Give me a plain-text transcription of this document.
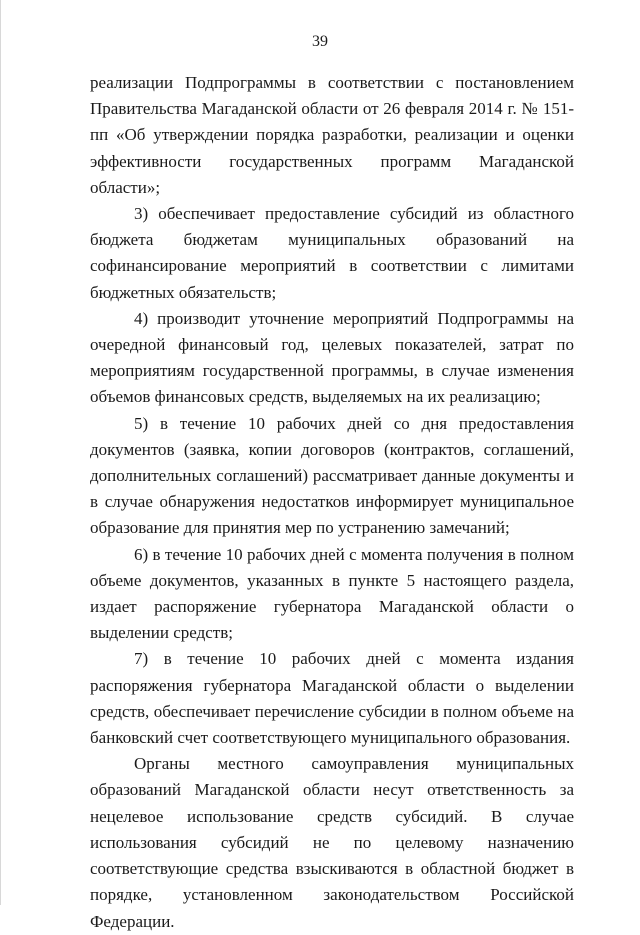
39

реализации Подпрограммы в соответствии с постановлением Правительства Магаданской области от 26 февраля 2014 г. № 151-пп «Об утверждении порядка разработки, реализации и оценки эффективности государственных программ Магаданской области»;

3) обеспечивает предоставление субсидий из областного бюджета бюджетам муниципальных образований на софинансирование мероприятий в соответствии с лимитами бюджетных обязательств;

4) производит уточнение мероприятий Подпрограммы на очередной финансовый год, целевых показателей, затрат по мероприятиям государственной программы, в случае изменения объемов финансовых средств, выделяемых на их реализацию;

5) в течение 10 рабочих дней со дня предоставления документов (заявка, копии договоров (контрактов, соглашений, дополнительных соглашений) рассматривает данные документы и в случае обнаружения недостатков информирует муниципальное образование для принятия мер по устранению замечаний;

6) в течение 10 рабочих дней с момента получения в полном объеме документов, указанных в пункте 5 настоящего раздела, издает распоряжение губернатора Магаданской области о выделении средств;

7) в течение 10 рабочих дней с момента издания распоряжения губернатора Магаданской области о выделении средств, обеспечивает перечисление субсидии в полном объеме на банковский счет соответствующего муниципального образования.

Органы местного самоуправления муниципальных образований Магаданской области несут ответственность за нецелевое использование средств субсидий. В случае использования субсидий не по целевому назначению соответствующие средства взыскиваются в областной бюджет в порядке, установленном законодательством Российской Федерации.
